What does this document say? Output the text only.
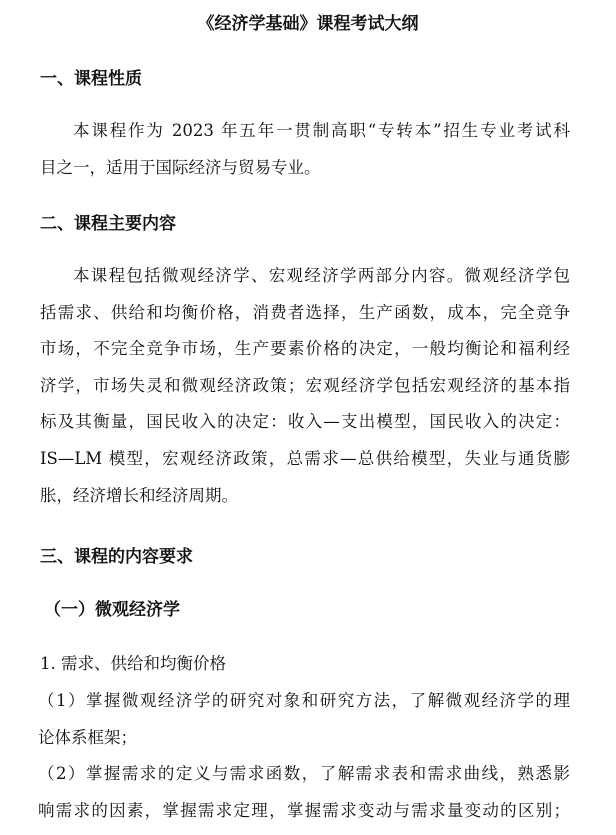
《经济学基础》课程考试大纲
一、课程性质
本课程作为 2023 年五年一贯制高职“专转本”招生专业考试科
目之一，适用于国际经济与贸易专业。
二、课程主要内容
本课程包括微观经济学、宏观经济学两部分内容。微观经济学包
括需求、供给和均衡价格，消费者选择，生产函数，成本，完全竞争
市场，不完全竞争市场，生产要素价格的决定，一般均衡论和福利经
济学，市场失灵和微观经济政策；宏观经济学包括宏观经济的基本指
标及其衡量，国民收入的决定：收入—支出模型，国民收入的决定：
IS—LM 模型，宏观经济政策，总需求—总供给模型，失业与通货膨
胀，经济增长和经济周期。
三、课程的内容要求
（一）微观经济学

1. 需求、供给和均衡价格

（1）掌握微观经济学的研究对象和研究方法，了解微观经济学的理
论体系框架；
（2）掌握需求的定义与需求函数，了解需求表和需求曲线，熟悉影
响需求的因素，掌握需求定理，掌握需求变动与需求量变动的区别；
